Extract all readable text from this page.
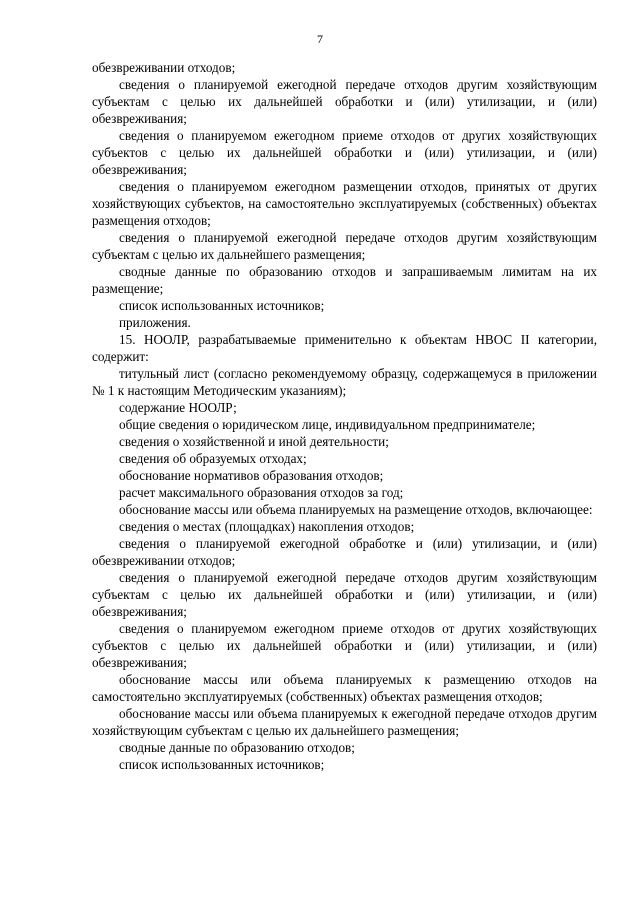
7

обезвреживании отходов;

сведения о планируемой ежегодной передаче отходов другим хозяйствующим субъектам с целью их дальнейшей обработки и (или) утилизации, и (или) обезвреживания;

сведения о планируемом ежегодном приеме отходов от других хозяйствующих субъектов с целью их дальнейшей обработки и (или) утилизации, и (или) обезвреживания;

сведения о планируемом ежегодном размещении отходов, принятых от других хозяйствующих субъектов, на самостоятельно эксплуатируемых (собственных) объектах размещения отходов;

сведения о планируемой ежегодной передаче отходов другим хозяйствующим субъектам с целью их дальнейшего размещения;

сводные данные по образованию отходов и запрашиваемым лимитам на их размещение;

список использованных источников;

приложения.

15. НООЛР, разрабатываемые применительно к объектам НВОС II категории, содержит:

титульный лист (согласно рекомендуемому образцу, содержащемуся в приложении № 1 к настоящим Методическим указаниям);

содержание НООЛР;

общие сведения о юридическом лице, индивидуальном предпринимателе;

сведения о хозяйственной и иной деятельности;

сведения об образуемых отходах;

обоснование нормативов образования отходов;

расчет максимального образования отходов за год;

обоснование массы или объема планируемых на размещение отходов, включающее:

сведения о местах (площадках) накопления отходов;

сведения о планируемой ежегодной обработке и (или) утилизации, и (или) обезвреживании отходов;

сведения о планируемой ежегодной передаче отходов другим хозяйствующим субъектам с целью их дальнейшей обработки и (или) утилизации, и (или) обезвреживания;

сведения о планируемом ежегодном приеме отходов от других хозяйствующих субъектов с целью их дальнейшей обработки и (или) утилизации, и (или) обезвреживания;

обоснование массы или объема планируемых к размещению отходов на самостоятельно эксплуатируемых (собственных) объектах размещения отходов;

обоснование массы или объема планируемых к ежегодной передаче отходов другим хозяйствующим субъектам с целью их дальнейшего размещения;

сводные данные по образованию отходов;

список использованных источников;
